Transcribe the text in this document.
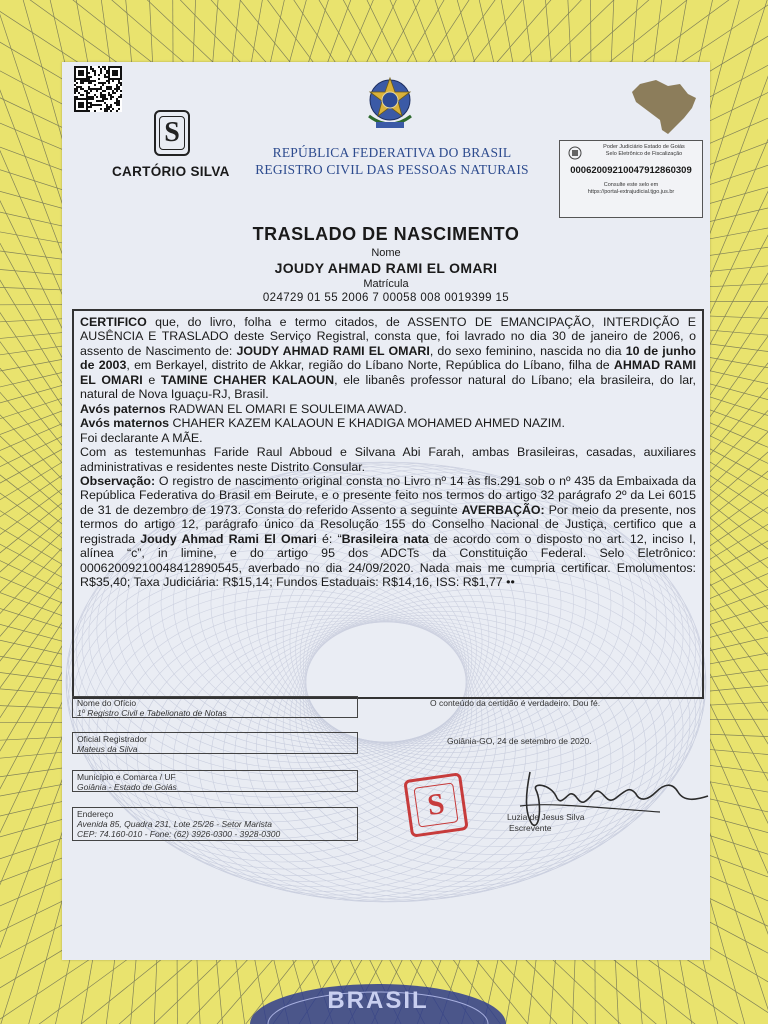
S
CARTÓRIO SILVA
REPÚBLICA FEDERATIVA DO BRASIL
REGISTRO CIVIL DAS PESSOAS NATURAIS
Poder Judiciário Estado de Goiás
Selo Eletrônico de Fiscalização
00062009210047912860309
Consulte este selo em
https://portal-extrajudicial.tjgo.jus.br
TRASLADO DE NASCIMENTO
Nome
JOUDY AHMAD RAMI EL OMARI
Matrícula
024729 01 55 2006 7 00058 008 0019399 15

CERTIFICO que, do livro, folha e termo citados, de ASSENTO DE EMANCIPAÇÃO, INTERDIÇÃO E AUSÊNCIA E TRASLADO deste Serviço Registral, consta que, foi lavrado no dia 30 de janeiro de 2006, o assento de Nascimento de: JOUDY AHMAD RAMI EL OMARI, do sexo feminino, nascida no dia 10 de junho de 2003, em Berkayel, distrito de Akkar, região do Líbano Norte, República do Líbano, filha de AHMAD RAMI EL OMARI e TAMINE CHAHER KALAOUN, ele libanês professor natural do Líbano; ela brasileira, do lar, natural de Nova Iguaçu-RJ, Brasil.

Avós paternos RADWAN EL OMARI E SOULEIMA AWAD.

Avós maternos CHAHER KAZEM KALAOUN E KHADIGA MOHAMED AHMED NAZIM.

Foi declarante A MÃE.

Com as testemunhas Faride Raul Abboud e Silvana Abi Farah, ambas Brasileiras, casadas, auxiliares administrativas e residentes neste Distrito Consular.

Observação: O registro de nascimento original consta no Livro nº 14 às fls.291 sob o nº 435 da Embaixada da República Federativa do Brasil em Beirute, e o presente feito nos termos do artigo 32 parágrafo 2º da Lei 6015 de 31 de dezembro de 1973. Consta do referido Assento a seguinte AVERBAÇÃO: Por meio da presente, nos termos do artigo 12, parágrafo único da Resolução 155 do Conselho Nacional de Justiça, certifico que a registrada Joudy Ahmad Rami El Omari é: “Brasileira nata de acordo com o disposto no art. 12, inciso I, alínea “c”, in limine, e do artigo 95 dos ADCTs da Constituição Federal. Selo Eletrônico: 00062009210048412890545, averbado no dia 24/09/2020. Nada mais me cumpria certificar. Emolumentos: R$35,40; Taxa Judiciária: R$15,14; Fundos Estaduais: R$14,16, ISS: R$1,77 ••

Nome do Ofício
1º Registro Civil e Tabelionato de Notas
Oficial Registrador
Mateus da Silva
Município e Comarca / UF
Goiânia - Estado de Goiás
Endereço
Avenida 85, Quadra 231, Lote 25/26 - Setor Marista
CEP: 74.160-010 - Fone: (62) 3926-0300 - 3928-0300
O conteúdo da certidão é verdadeiro. Dou fé.
Goiânia-GO, 24 de setembro de 2020.
S	Luzia de Jesus Silva
Escrevente
BRASIL
